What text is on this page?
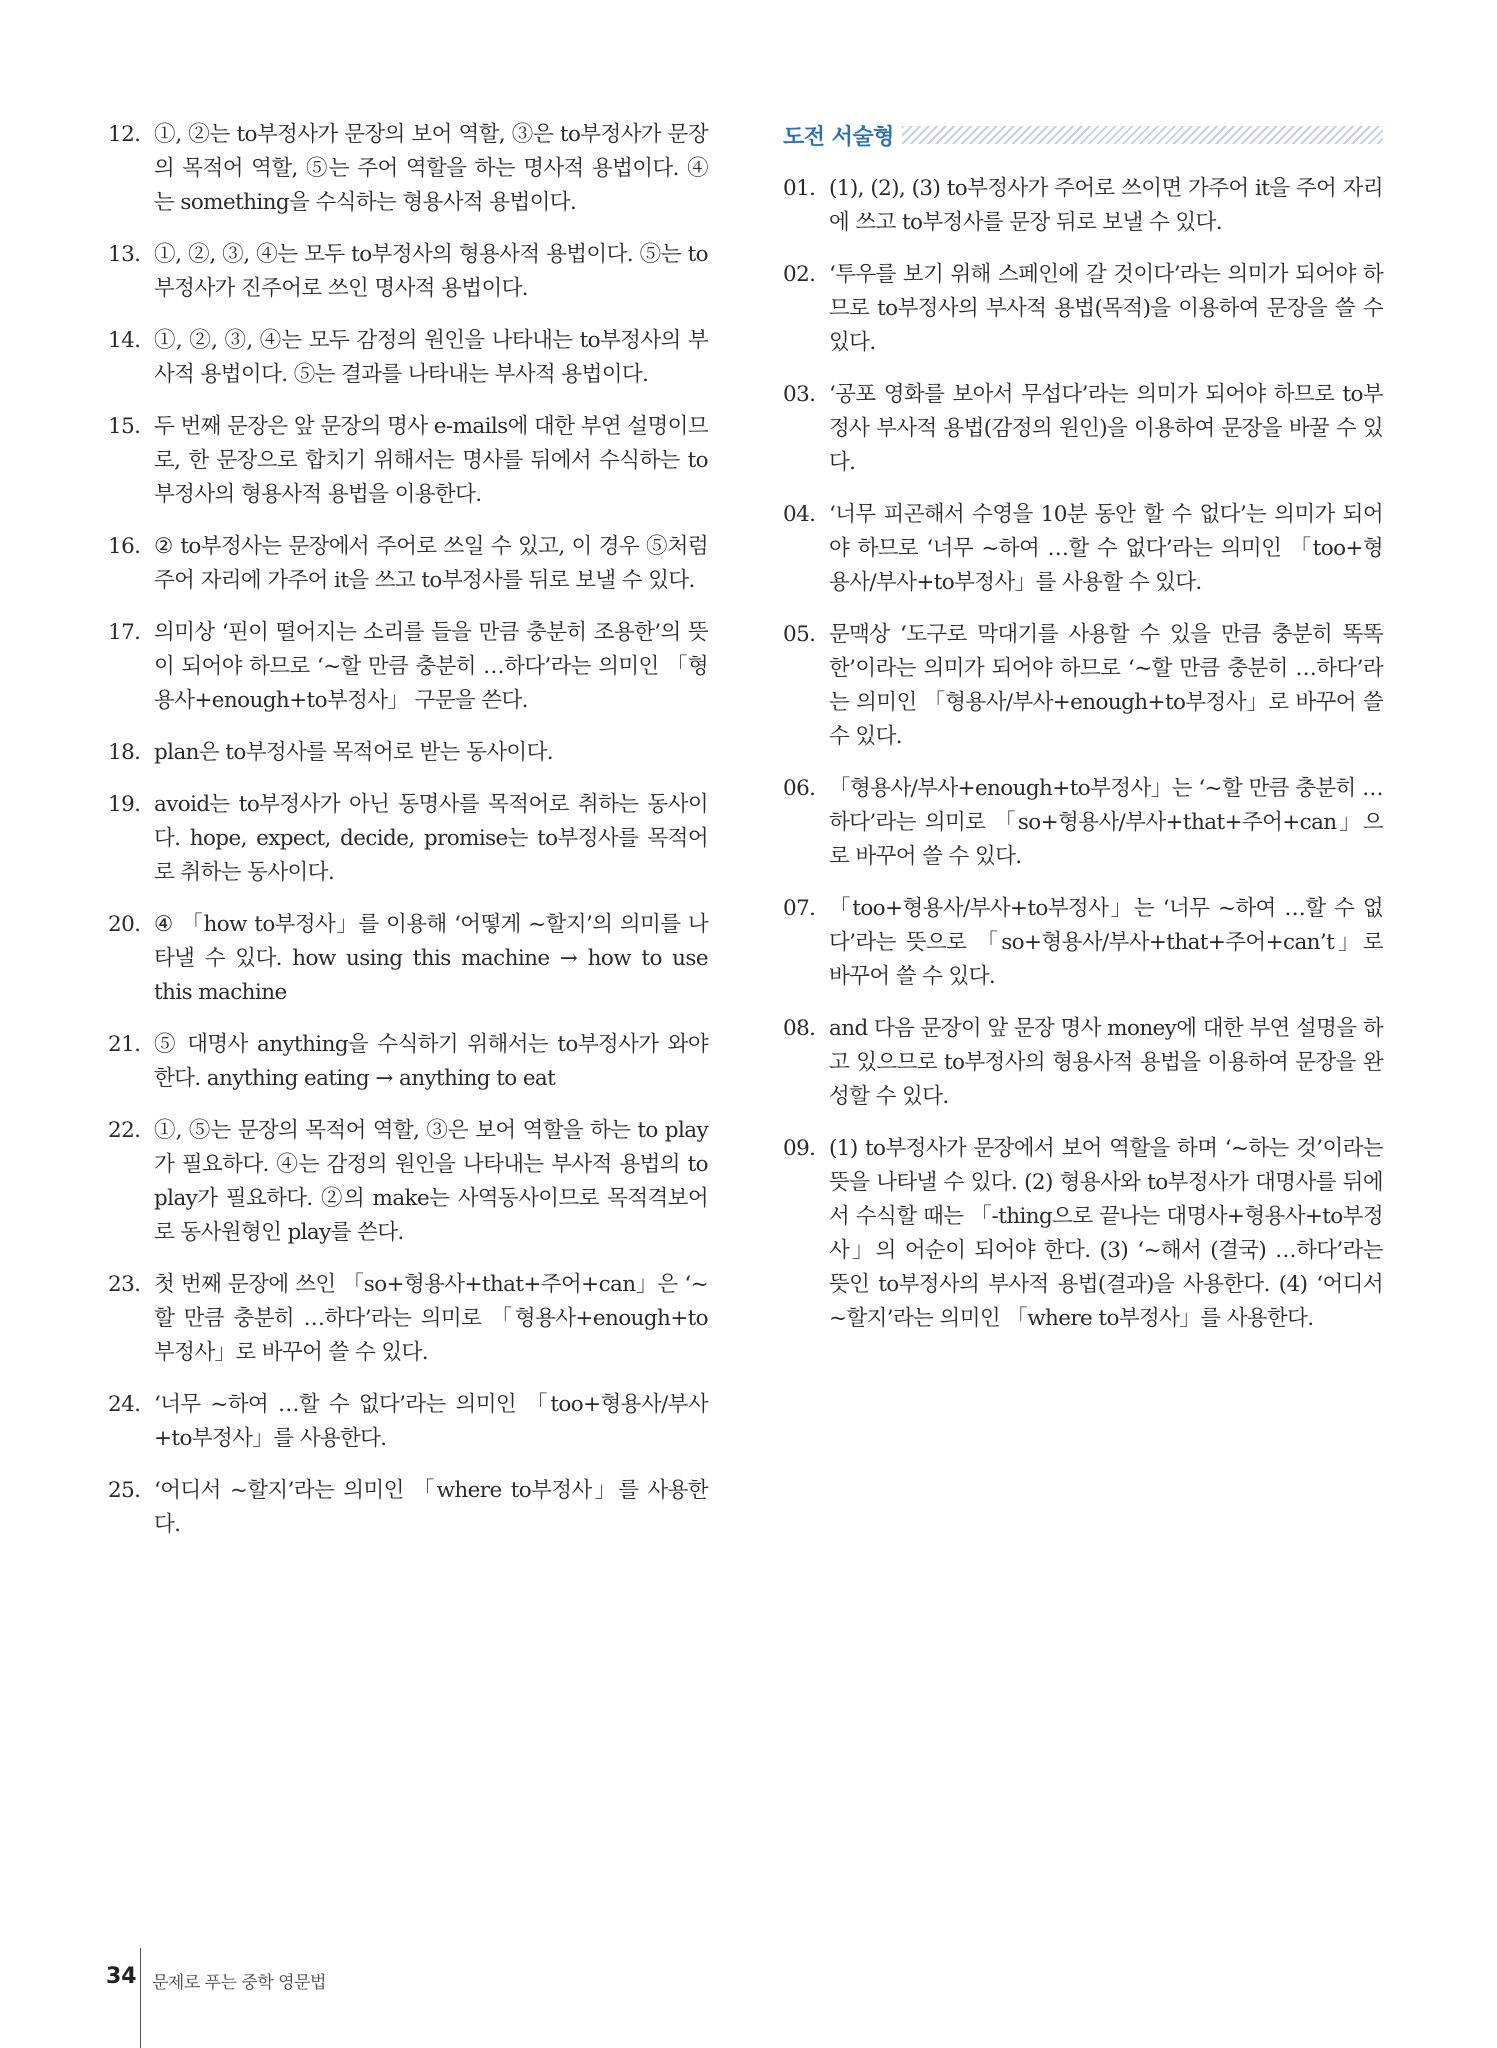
12. ①, ②는 to부정사가 문장의 보어 역할, ③은 to부정사가 문장의 목적어 역할, ⑤는 주어 역할을 하는 명사적 용법이다. ④는 something을 수식하는 형용사적 용법이다.
13. ①, ②, ③, ④는 모두 to부정사의 형용사적 용법이다. ⑤는 to부정사가 진주어로 쓰인 명사적 용법이다.
14. ①, ②, ③, ④는 모두 감정의 원인을 나타내는 to부정사의 부사적 용법이다. ⑤는 결과를 나타내는 부사적 용법이다.
15. 두 번째 문장은 앞 문장의 명사 e-mails에 대한 부연 설명이므로, 한 문장으로 합치기 위해서는 명사를 뒤에서 수식하는 to부정사의 형용사적 용법을 이용한다.
16. ② to부정사는 문장에서 주어로 쓰일 수 있고, 이 경우 ⑤처럼 주어 자리에 가주어 it을 쓰고 to부정사를 뒤로 보낼 수 있다.
17. 의미상 ‘핀이 떨어지는 소리를 들을 만큼 충분히 조용한’의 뜻이 되어야 하므로 ‘~할 만큼 충분히 …하다’라는 의미인 「형용사+enough+to부정사」 구문을 쓴다.
18. plan은 to부정사를 목적어로 받는 동사이다.
19. avoid는 to부정사가 아닌 동명사를 목적어로 취하는 동사이다. hope, expect, decide, promise는 to부정사를 목적어로 취하는 동사이다.
20. ④ 「how to부정사」를 이용해 ‘어떻게 ~할지’의 의미를 나타낼 수 있다. how using this machine → how to use this machine
21. ⑤ 대명사 anything을 수식하기 위해서는 to부정사가 와야 한다. anything eating → anything to eat
22. ①, ⑤는 문장의 목적어 역할, ③은 보어 역할을 하는 to play가 필요하다. ④는 감정의 원인을 나타내는 부사적 용법의 to play가 필요하다. ②의 make는 사역동사이므로 목적격보어로 동사원형인 play를 쓴다.
23. 첫 번째 문장에 쓰인 「so+형용사+that+주어+can」은 ‘~할 만큼 충분히 …하다’라는 의미로 「형용사+enough+to부정사」로 바꾸어 쓸 수 있다.
24. ‘너무 ~하여 …할 수 없다’라는 의미인 「too+형용사/부사+to부정사」를 사용한다.
25. ‘어디서 ~할지’라는 의미인 「where to부정사」를 사용한다.
도전 서술형
01. (1), (2), (3) to부정사가 주어로 쓰이면 가주어 it을 주어 자리에 쓰고 to부정사를 문장 뒤로 보낼 수 있다.
02. ‘투우를 보기 위해 스페인에 갈 것이다’라는 의미가 되어야 하므로 to부정사의 부사적 용법(목적)을 이용하여 문장을 쓸 수 있다.
03. ‘공포 영화를 보아서 무섭다’라는 의미가 되어야 하므로 to부정사 부사적 용법(감정의 원인)을 이용하여 문장을 바꿀 수 있다.
04. ‘너무 피곤해서 수영을 10분 동안 할 수 없다’는 의미가 되어야 하므로 ‘너무 ~하여 …할 수 없다’라는 의미인 「too+형용사/부사+to부정사」를 사용할 수 있다.
05. 문맥상 ‘도구로 막대기를 사용할 수 있을 만큼 충분히 똑똑한’이라는 의미가 되어야 하므로 ‘~할 만큼 충분히 …하다’라는 의미인 「형용사/부사+enough+to부정사」로 바꾸어 쓸 수 있다.
06. 「형용사/부사+enough+to부정사」는 ‘~할 만큼 충분히 …하다’라는 의미로 「so+형용사/부사+that+주어+can」으로 바꾸어 쓸 수 있다.
07. 「too+형용사/부사+to부정사」는 ‘너무 ~하여 …할 수 없다’라는 뜻으로 「so+형용사/부사+that+주어+can’t」로 바꾸어 쓸 수 있다.
08. and 다음 문장이 앞 문장 명사 money에 대한 부연 설명을 하고 있으므로 to부정사의 형용사적 용법을 이용하여 문장을 완성할 수 있다.
09. (1) to부정사가 문장에서 보어 역할을 하며 ‘~하는 것’이라는 뜻을 나타낼 수 있다. (2) 형용사와 to부정사가 대명사를 뒤에서 수식할 때는 「-thing으로 끝나는 대명사+형용사+to부정사」의 어순이 되어야 한다. (3) ‘~해서 (결국) …하다’라는 뜻인 to부정사의 부사적 용법(결과)을 사용한다. (4) ‘어디서 ~할지’라는 의미인 「where to부정사」를 사용한다.
34 문제로 푸는 중학 영문법
